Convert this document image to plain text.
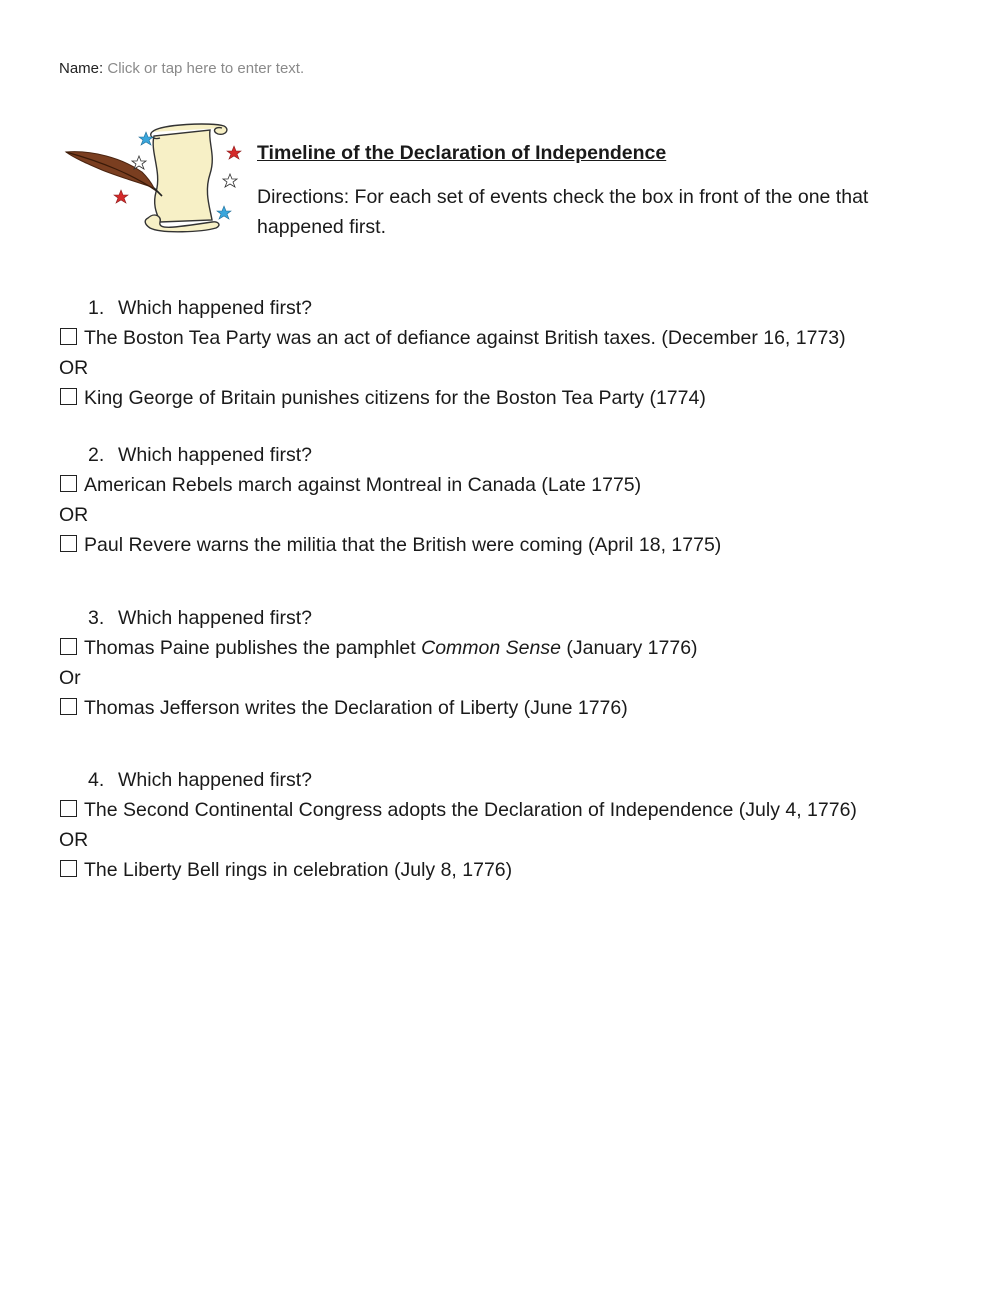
Name: Click or tap here to enter text.

Timeline of the Declaration of Independence

Directions: For each set of events check the box in front of the one that happened first.
1. Which happened first?
The Boston Tea Party was an act of defiance against British taxes. (December 16, 1773)
OR
King George of Britain punishes citizens for the Boston Tea Party (1774)
2. Which happened first?
American Rebels march against Montreal in Canada (Late 1775)
OR
Paul Revere warns the militia that the British were coming (April 18, 1775)
3. Which happened first?
Thomas Paine publishes the pamphlet Common Sense (January 1776)
Or
Thomas Jefferson writes the Declaration of Liberty (June 1776)
4. Which happened first?
The Second Continental Congress adopts the Declaration of Independence (July 4, 1776)
OR
The Liberty Bell rings in celebration (July 8, 1776)
